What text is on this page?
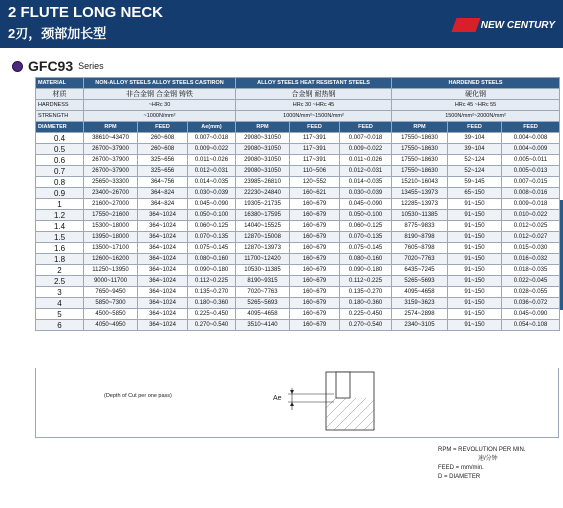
2 FLUTE LONG NECK
2刃，颈部加长型
NEW CENTURY
GFC93 Series
MATERIAL	NON-ALLOY STEELS ALLOY STEELS CASTIRON			ALLOY STEELS HEAT RESISTANT STEELS			HARDENED STEELS		
材质	非合金钢 合金钢 铸铁			合金钢 耐热钢			硬化钢		
HARDNESS	~HRc 30			HRc 30 ~HRc 45			HRc 45 ~HRc 55		
STRENGTH	~1000N/mm²			1000N/mm²~1500N/mm²			1500N/mm²~2000N/mm²		
DIAMETER	RPM	FEED	Ae(mm)	RPM	FEED	FEED	RPM	FEED	FEED
0.4	38610~43470	260~608	0.007~0.018	29080~31050	117~391	0.007~0.018	17550~18630	39~104	0.004~0.008
0.5	26700~37900	260~608	0.009~0.022	29080~31050	117~391	0.009~0.022	17550~18630	39~104	0.004~0.009
0.6	26700~37900	325~656	0.011~0.026	29080~31050	117~391	0.011~0.026	17550~18630	52~124	0.005~0.011
0.7	26700~37900	325~656	0.012~0.031	29080~31050	110~506	0.012~0.031	17550~18630	52~124	0.005~0.013
0.8	25650~33300	364~756	0.014~0.035	23985~26810	120~552	0.014~0.035	15210~16043	59~145	0.007~0.015
0.9	23400~26700	364~824	0.030~0.039	22230~24840	160~621	0.030~0.039	13455~13973	65~150	0.008~0.016
1	21600~27000	364~824	0.045~0.090	19305~21735	160~679	0.045~0.090	12285~13973	91~150	0.009~0.018
1.2	17550~21600	364~1024	0.050~0.100	16380~17595	160~679	0.050~0.100	10530~11385	91~150	0.010~0.022
1.4	15300~18000	364~1024	0.060~0.125	14040~15525	160~679	0.060~0.125	8775~9833	91~150	0.012~0.025
1.5	13950~18000	364~1024	0.070~0.135	12870~15008	160~679	0.070~0.135	8190~8798	91~150	0.012~0.027
1.6	13500~17100	364~1024	0.075~0.145	12870~13973	160~679	0.075~0.145	7605~8798	91~150	0.015~0.030
1.8	12600~16200	364~1024	0.080~0.160	11700~12420	160~679	0.080~0.160	7020~7763	91~150	0.016~0.032
2	11250~13950	364~1024	0.090~0.180	10530~11385	160~679	0.090~0.180	6435~7245	91~150	0.018~0.035
2.5	9000~11700	364~1024	0.112~0.225	8190~9315	160~679	0.112~0.225	5265~5693	91~150	0.022~0.045
3	7650~9450	364~1024	0.135~0.270	7020~7763	160~679	0.135~0.270	4095~4658	91~150	0.028~0.055
4	5850~7300	364~1024	0.180~0.360	5265~5693	160~679	0.180~0.360	3159~3623	91~150	0.036~0.072
5	4500~5850	364~1024	0.225~0.450	4095~4658	160~679	0.225~0.450	2574~2898	91~150	0.045~0.090
6	4050~4950	364~1024	0.270~0.540	3510~4140	160~679	0.270~0.540	2340~3105	91~150	0.054~0.108
(Depth of Cut per one pass)	Ae
RPM = REVOLUTION PER MIN.
速/分钟
FEED = mm/min.
D = DIAMETER
